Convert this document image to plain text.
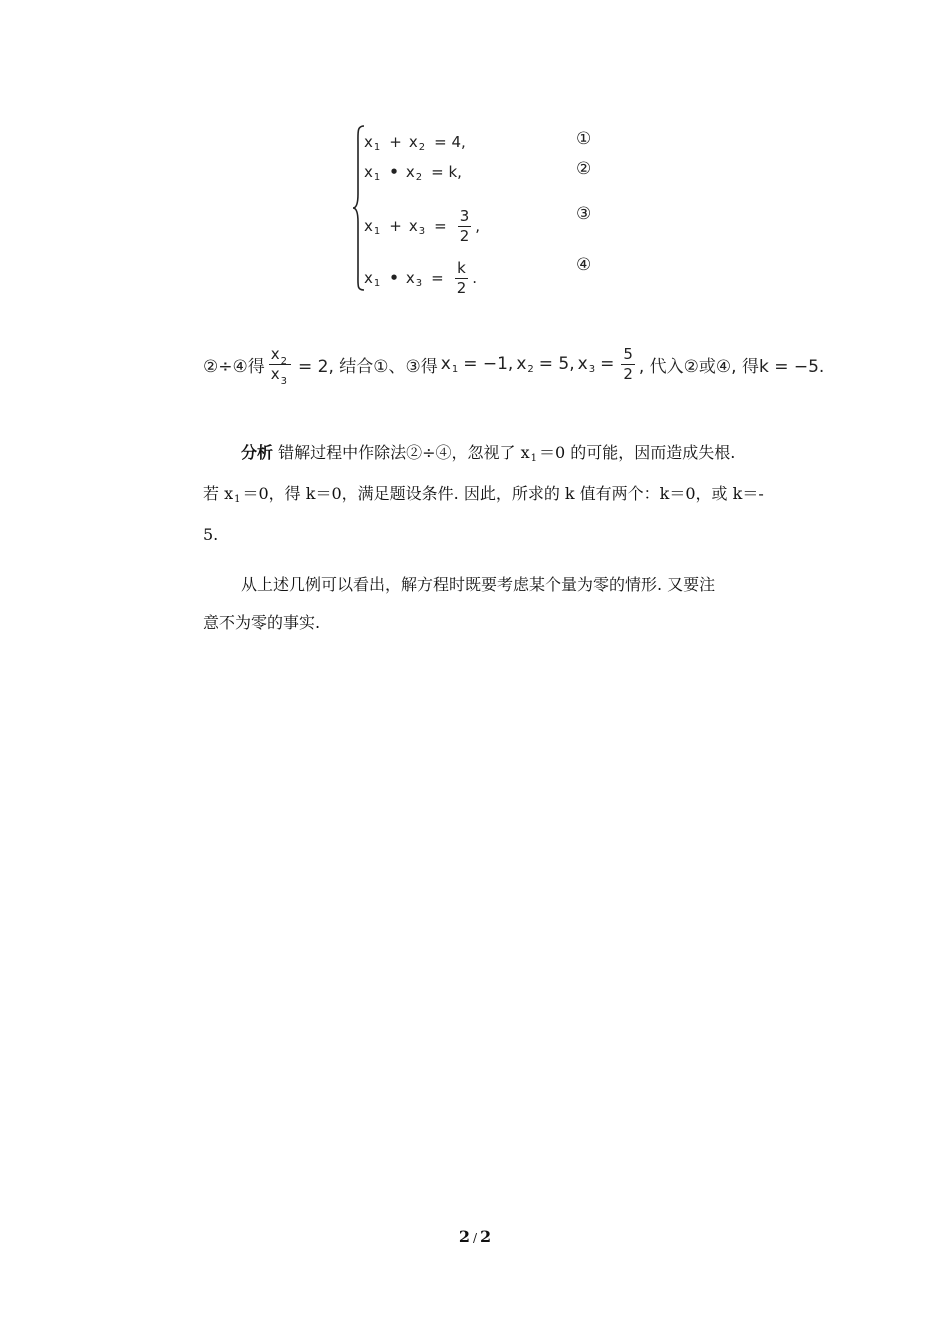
x 1 + x 2 = 4,
x 1 • x 2 = k,
x 1 + x $3 = \frac{3}{2}$ ,
x 1 • x $3 = \frac{k}{2}$ .
①
②
③
④
②÷④得 $\frac{x_2}{x_3} = 2$, 结合①、③得 x 1 = −1, x 2 = 5, x $3 = \frac{5}{2}$ , 代入②或④, 得k = −5.
分析 错解过程中作除法②÷④，忽视了 x1 ＝0 的可能，因而造成失根.
若 x1 ＝0，得 k＝0，满足题设条件. 因此，所求的 k 值有两个：k＝0，或 k＝-
5.
从上述几例可以看出，解方程时既要考虑某个量为零的情形. 又要注
意不为零的事实.
2 / 2
